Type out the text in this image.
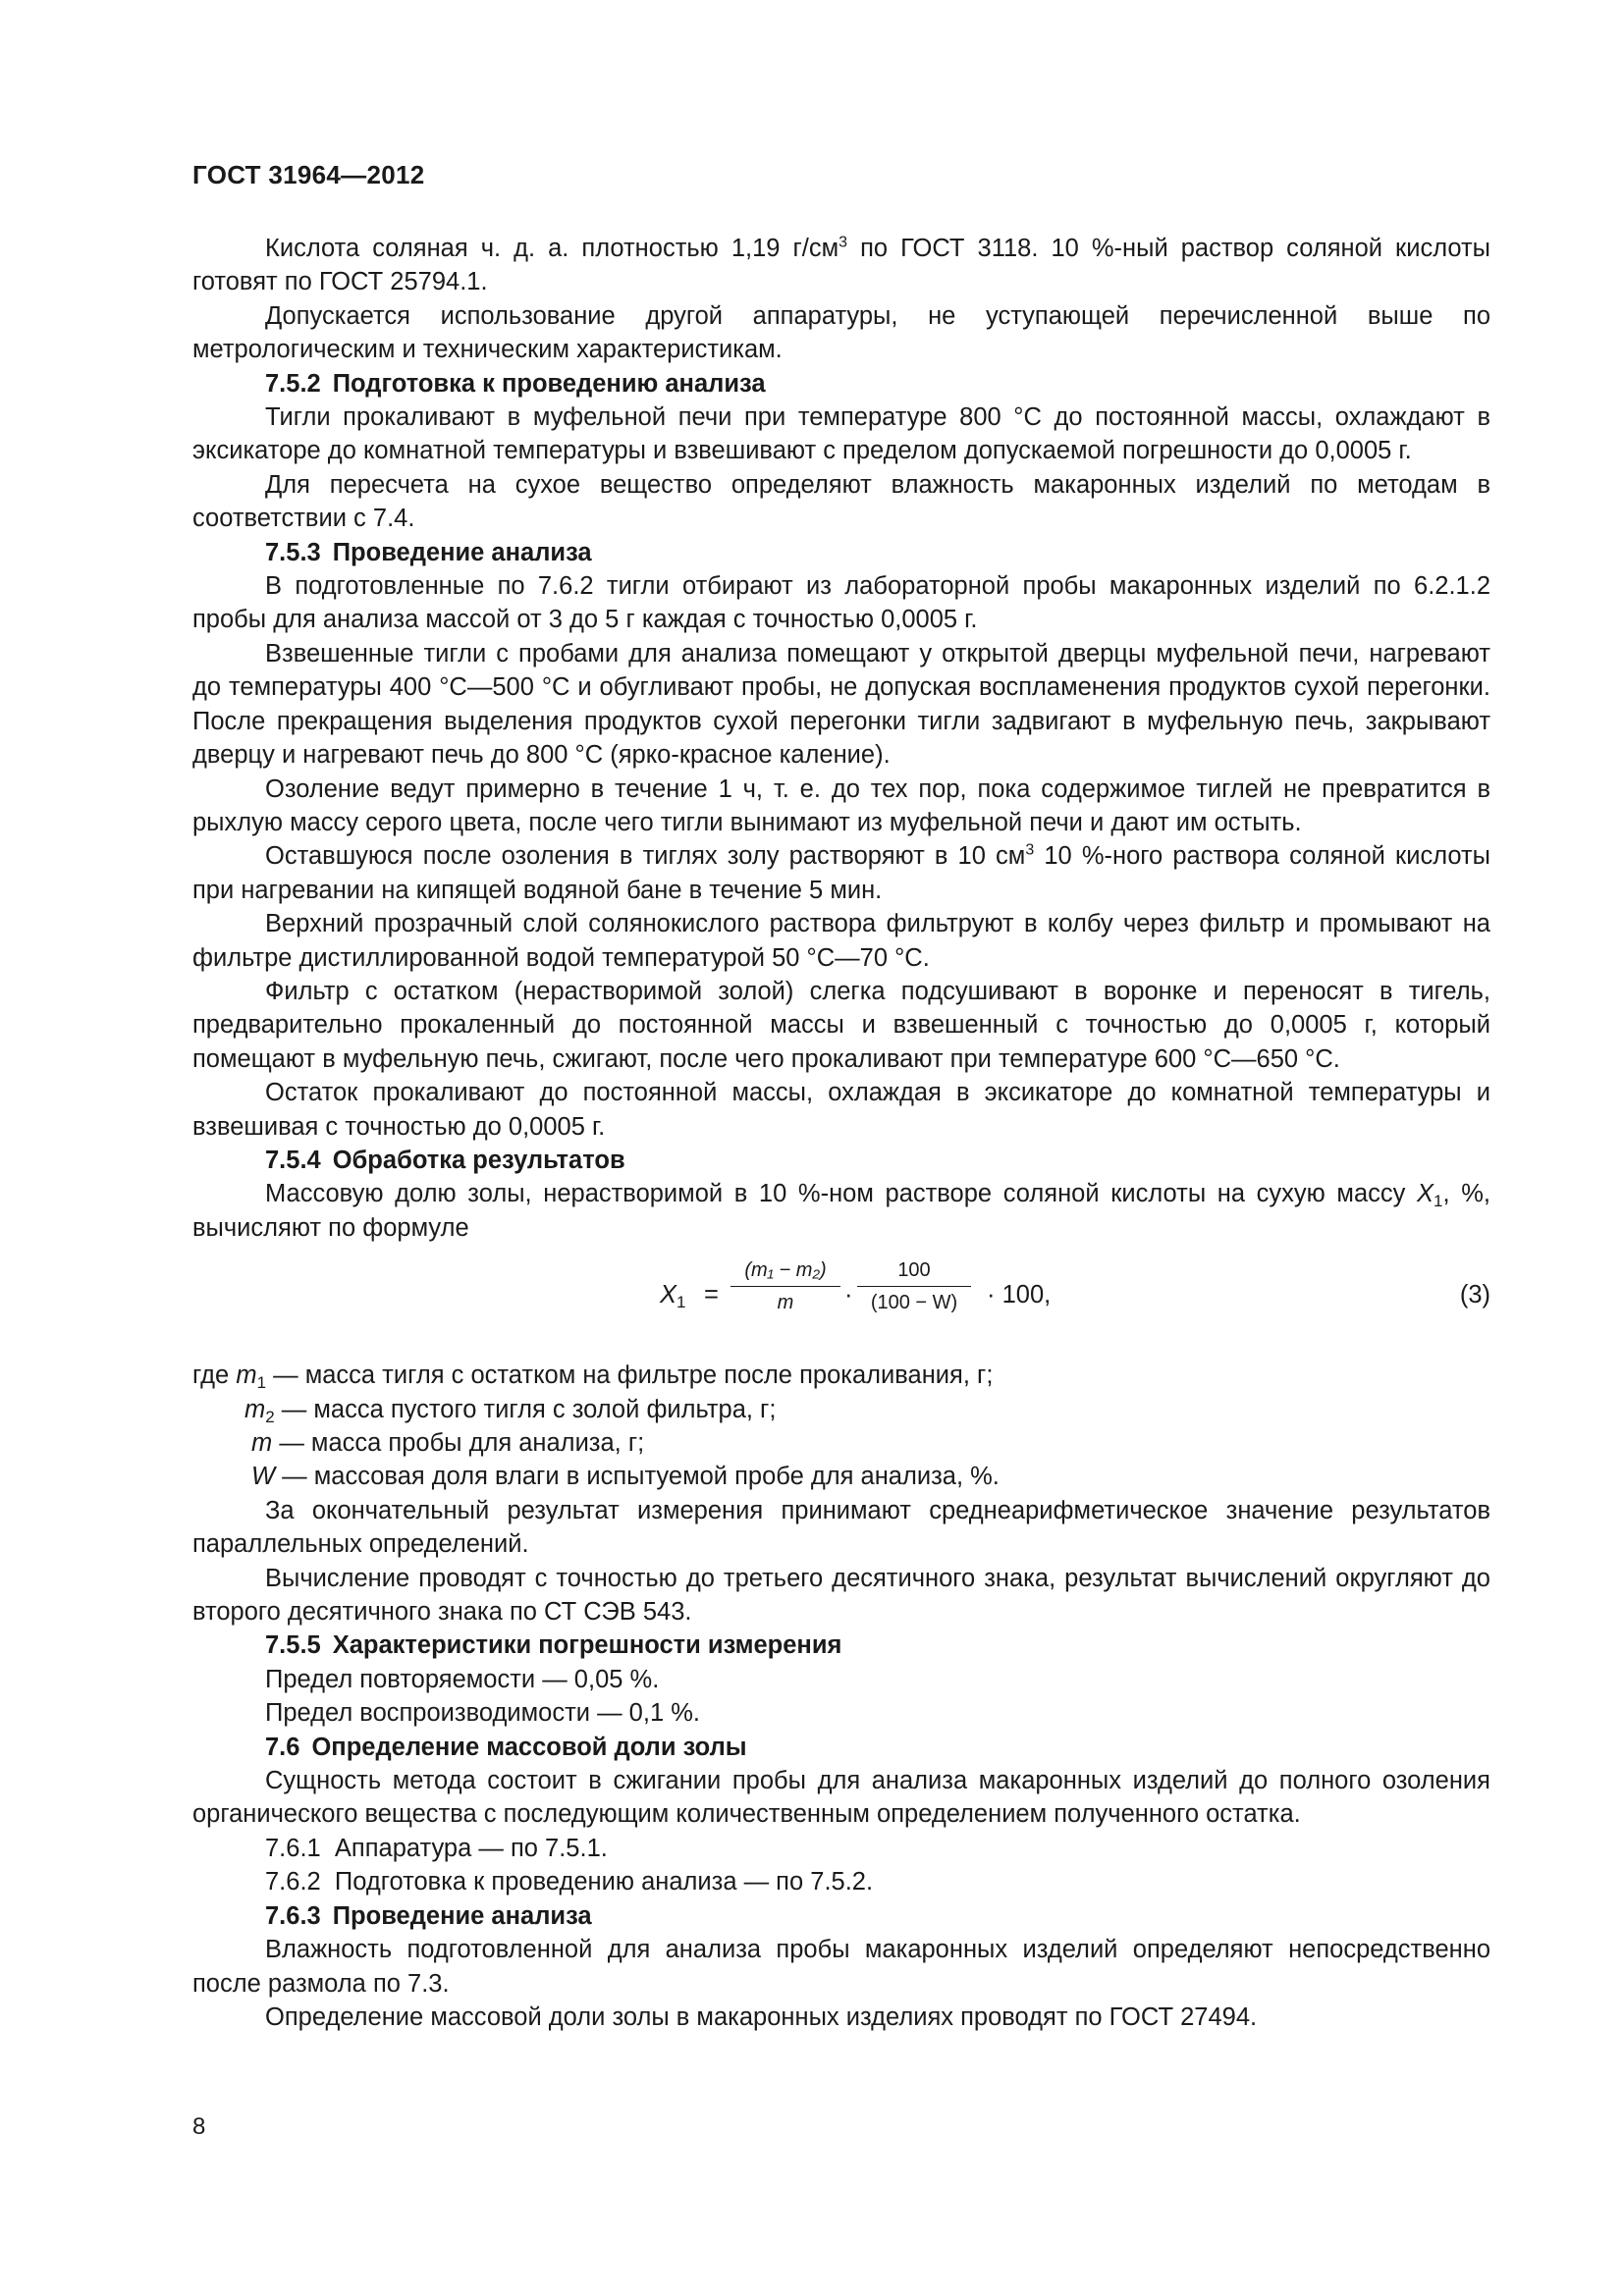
ГОСТ 31964—2012

Кислота соляная ч. д. а. плотностью 1,19 $г/см^3$ по ГОСТ 3118. 10 %-ный раствор соляной кислоты готовят по ГОСТ 25794.1.

Допускается использование другой аппаратуры, не уступающей перечисленной выше по метрологическим и техническим характеристикам.

7.5.2 Подготовка к проведению анализа

Тигли прокаливают в муфельной печи при температуре 800 °С до постоянной массы, охлаждают в эксикаторе до комнатной температуры и взвешивают с пределом допускаемой погрешности до 0,0005 г.

Для пересчета на сухое вещество определяют влажность макаронных изделий по методам в соответствии с 7.4.

7.5.3 Проведение анализа

В подготовленные по 7.6.2 тигли отбирают из лабораторной пробы макаронных изделий по 6.2.1.2 пробы для анализа массой от 3 до 5 г каждая с точностью 0,0005 г.

Взвешенные тигли с пробами для анализа помещают у открытой дверцы муфельной печи, нагревают до температуры 400 °С—500 °С и обугливают пробы, не допуская воспламенения продуктов сухой перегонки. После прекращения выделения продуктов сухой перегонки тигли задвигают в муфельную печь, закрывают дверцу и нагревают печь до 800 °С (ярко-красное каление).

Озоление ведут примерно в течение 1 ч, т. е. до тех пор, пока содержимое тиглей не превратится в рыхлую массу серого цвета, после чего тигли вынимают из муфельной печи и дают им остыть.

Оставшуюся после озоления в тиглях золу растворяют в 10 $см^3$ 10 %-ного раствора соляной кислоты при нагревании на кипящей водяной бане в течение 5 мин.

Верхний прозрачный слой солянокислого раствора фильтруют в колбу через фильтр и промывают на фильтре дистиллированной водой температурой 50 °С—70 °С.

Фильтр с остатком (нерастворимой золой) слегка подсушивают в воронке и переносят в тигель, предварительно прокаленный до постоянной массы и взвешенный с точностью до 0,0005 г, который помещают в муфельную печь, сжигают, после чего прокаливают при температуре 600 °С—650 °С.

Остаток прокаливают до постоянной массы, охлаждая в эксикаторе до комнатной температуры и взвешивая с точностью до 0,0005 г.

7.5.4 Обработка результатов

Массовую долю золы, нерастворимой в 10 %-ном растворе соляной кислоты на сухую массу $X_1$, %, вычисляют по формуле

$X_1$ =
(m₁ − m₂)
m	·
100
(100 − W)	· 100,	(3)
где $m_1$ — масса тигля с остатком на фильтре после прокаливания, г;
$m_2$ — масса пустого тигля с золой фильтра, г;
m — масса пробы для анализа, г;
W — массовая доля влаги в испытуемой пробе для анализа, %.

За окончательный результат измерения принимают среднеарифметическое значение результатов параллельных определений.

Вычисление проводят с точностью до третьего десятичного знака, результат вычислений округляют до второго десятичного знака по СТ СЭВ 543.

7.5.5 Характеристики погрешности измерения

Предел повторяемости — 0,05 %.

Предел воспроизводимости — 0,1 %.

7.6 Определение массовой доли золы

Сущность метода состоит в сжигании пробы для анализа макаронных изделий до полного озоления органического вещества с последующим количественным определением полученного остатка.

7.6.1  Аппаратура — по 7.5.1.

7.6.2  Подготовка к проведению анализа — по 7.5.2.

7.6.3 Проведение анализа

Влажность подготовленной для анализа пробы макаронных изделий определяют непосредственно после размола по 7.3.

Определение массовой доли золы в макаронных изделиях проводят по ГОСТ 27494.

8
